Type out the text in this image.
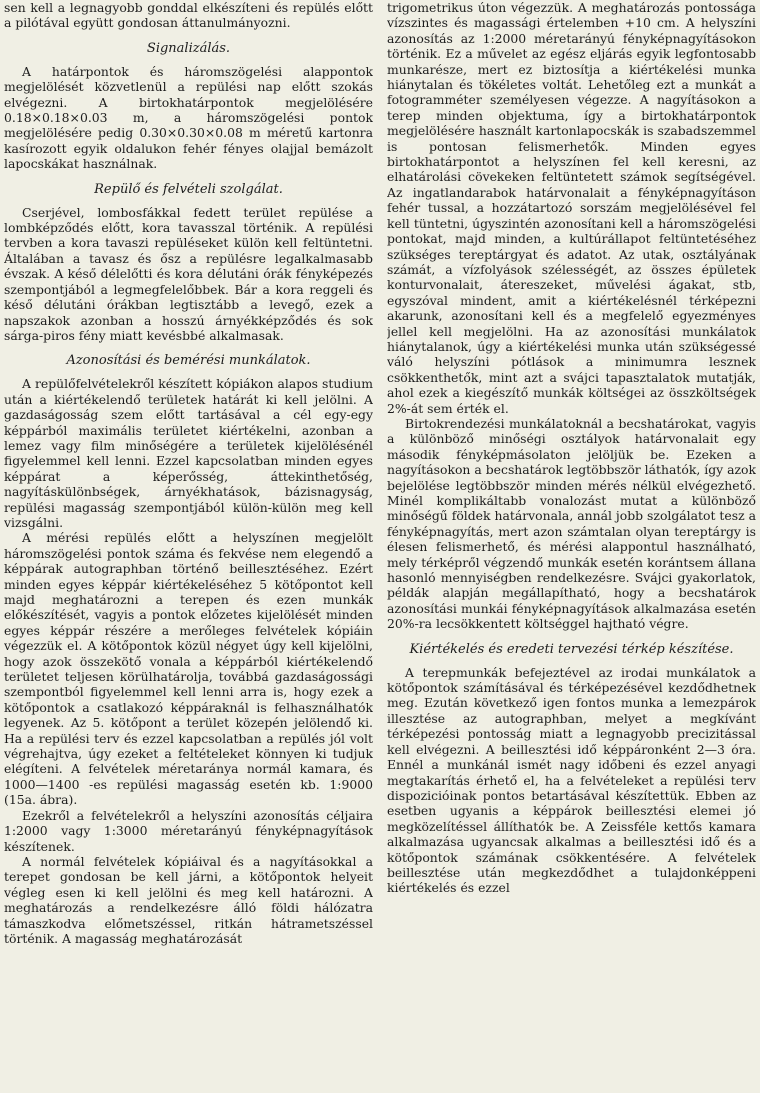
sen kell a legnagyobb gonddal elkészíteni és repülés előtt a pilótával együtt gondosan áttanulmányozni.

Signalizálás.

A határpontok és háromszögelési alappontok megjelölését közvetlenül a repülési nap előtt szokás elvégezni. A birtokhatárpontok megjelölésére 0.18×0.18×0.03 m, a háromszögelési pontok megjelölésére pedig 0.30×0.30×0.08 m méretű kartonra kasírozott egyik oldalukon fehér fényes olajjal bemázolt lapocskákat használnak.

Repülő és felvételi szolgálat.

Cserjével, lombosfákkal fedett terület repülése a lombképződés előtt, kora tavasszal történik. A repülési tervben a kora tavaszi repüléseket külön kell feltüntetni. Általában a tavasz és ősz a repülésre legalkalmasabb évszak. A késő délelőtti és kora délutáni órák fényképezés szempontjából a legmegfelelőbbek. Bár a kora reggeli és késő délutáni órákban legtisztább a levegő, ezek a napszakok azonban a hosszú árnyékképződés és sok sárga-piros fény miatt kevésbbé alkalmasak.

Azonosítási és bemérési munkálatok.

A repülőfelvételekről készített kópiákon alapos studium után a kiértékelendő területek határát ki kell jelölni. A gazdaságosság szem előtt tartásával a cél egy-egy képpárból maximális területet kiértékelni, azonban a lemez vagy film minőségére a területek kijelölésénél figyelemmel kell lenni. Ezzel kapcsolatban minden egyes képpárat a képerősség, áttekinthetőség, nagyításkülönbségek, árnyékhatások, bázisnagyság, repülési magasság szempontjából külön-külön meg kell vizsgálni.

A mérési repülés előtt a helyszínen megjelölt háromszögelési pontok száma és fekvése nem elegendő a képpárak autographban történő beillesztéséhez. Ezért minden egyes képpár kiértékeléséhez 5 kötőpontot kell majd meghatározni a terepen és ezen munkák előkészítését, vagyis a pontok előzetes kijelölését minden egyes képpár részére a merőleges felvételek kópiáin végezzük el. A kötőpontok közül négyet úgy kell kijelölni, hogy azok összekötő vonala a képpárból kiértékelendő területet teljesen körülhatárolja, továbbá gazdaságossági szempontból figyelemmel kell lenni arra is, hogy ezek a kötőpontok a csatlakozó képpáraknál is felhasználhatók legyenek. Az 5. kötőpont a terület közepén jelölendő ki. Ha a repülési terv és ezzel kapcsolatban a repülés jól volt végrehajtva, úgy ezeket a feltételeket könnyen ki tudjuk elégíteni. A felvételek méretaránya normál kamara, és 1000—1400 -es repülési magasság esetén kb. 1:9000 (15a. ábra).

Ezekről a felvételekről a helyszíni azonosítás céljaira 1:2000 vagy 1:3000 méretarányú fényképnagyítások készítenek.

A normál felvételek kópiáival és a nagyításokkal a terepet gondosan be kell járni, a kötőpontok helyeit végleg esen ki kell jelölni és meg kell határozni. A meghatározás a rendelkezésre álló földi hálózatra támaszkodva előmetszéssel, ritkán hátrametszéssel történik. A magasság meghatározását

trigometrikus úton végezzük. A meghatározás pontossága vízszintes és magassági értelemben +10 cm. A helyszíni azonosítás az 1:2000 méretarányú fényképnagyításokon történik. Ez a művelet az egész eljárás egyik legfontosabb munkarésze, mert ez biztosítja a kiértékelési munka hiánytalan és tökéletes voltát. Lehetőleg ezt a munkát a fotogramméter személyesen végezze. A nagyításokon a terep minden objektuma, így a birtokhatárpontok megjelölésére használt kartonlapocskák is szabadszemmel is pontosan felismerhetők. Minden egyes birtokhatárpontot a helyszínen fel kell keresni, az elhatárolási cövekeken feltüntetett számok segítségével. Az ingatlandarabok határvonalait a fényképnagyításon fehér tussal, a hozzátartozó sorszám megjelölésével fel kell tüntetni, úgyszintén azonosítani kell a háromszögelési pontokat, majd minden, a kultúrállapot feltüntetéséhez szükséges tereptárgyat és adatot. Az utak, osztályának számát, a vízfolyások szélességét, az összes épületek konturvonalait, átereszeket, művelési ágakat, stb, egyszóval mindent, amit a kiértékelésnél térképezni akarunk, azonosítani kell és a megfelelő egyezményes jellel kell megjelölni. Ha az azonosítási munkálatok hiánytalanok, úgy a kiértékelési munka után szükségessé váló helyszíni pótlások a minimumra lesznek csökkenthetők, mint azt a svájci tapasztalatok mutatják, ahol ezek a kiegészítő munkák költségei az összköltségek 2%-át sem érték el.

Birtokrendezési munkálatoknál a becshatárokat, vagyis a különböző minőségi osztályok határvonalait egy második fényképmásolaton jelöljük be. Ezeken a nagyításokon a becshatárok legtöbbször láthatók, így azok bejelölése legtöbbször minden mérés nélkül elvégezhető. Minél komplikáltabb vonalozást mutat a különböző minőségű földek határvonala, annál jobb szolgálatot tesz a fényképnagyítás, mert azon számtalan olyan tereptárgy is élesen felismerhető, és mérési alappontul használható, mely térképről végzendő munkák esetén korántsem állana hasonló mennyiségben rendelkezésre. Svájci gyakorlatok, példák alapján megállapítható, hogy a becshatárok azonosítási munkái fényképnagyítások alkalmazása esetén 20%-ra lecsökkentett költséggel hajtható végre.

Kiértékelés és eredeti tervezési térkép készítése.

A terepmunkák befejeztével az irodai munkálatok a kötőpontok számításával és térképezésével kezdődhetnek meg. Ezután következő igen fontos munka a lemezpárok illesztése az autographban, melyet a megkívánt térképezési pontosság miatt a legnagyobb precizitással kell elvégezni. A beillesztési idő képpáronként 2—3 óra. Ennél a munkánál ismét nagy időbeni és ezzel anyagi megtakarítás érhető el, ha a felvételeket a repülési terv dispozicióinak pontos betartásával készítettük. Ebben az esetben ugyanis a képpárok beillesztési elemei jó megközelítéssel állíthatók be. A Zeissféle kettős kamara alkalmazása ugyancsak alkalmas a beillesztési idő és a kötőpontok számának csökkentésére. A felvételek beillesztése után megkezdődhet a tulajdonképpeni kiértékelés és ezzel
